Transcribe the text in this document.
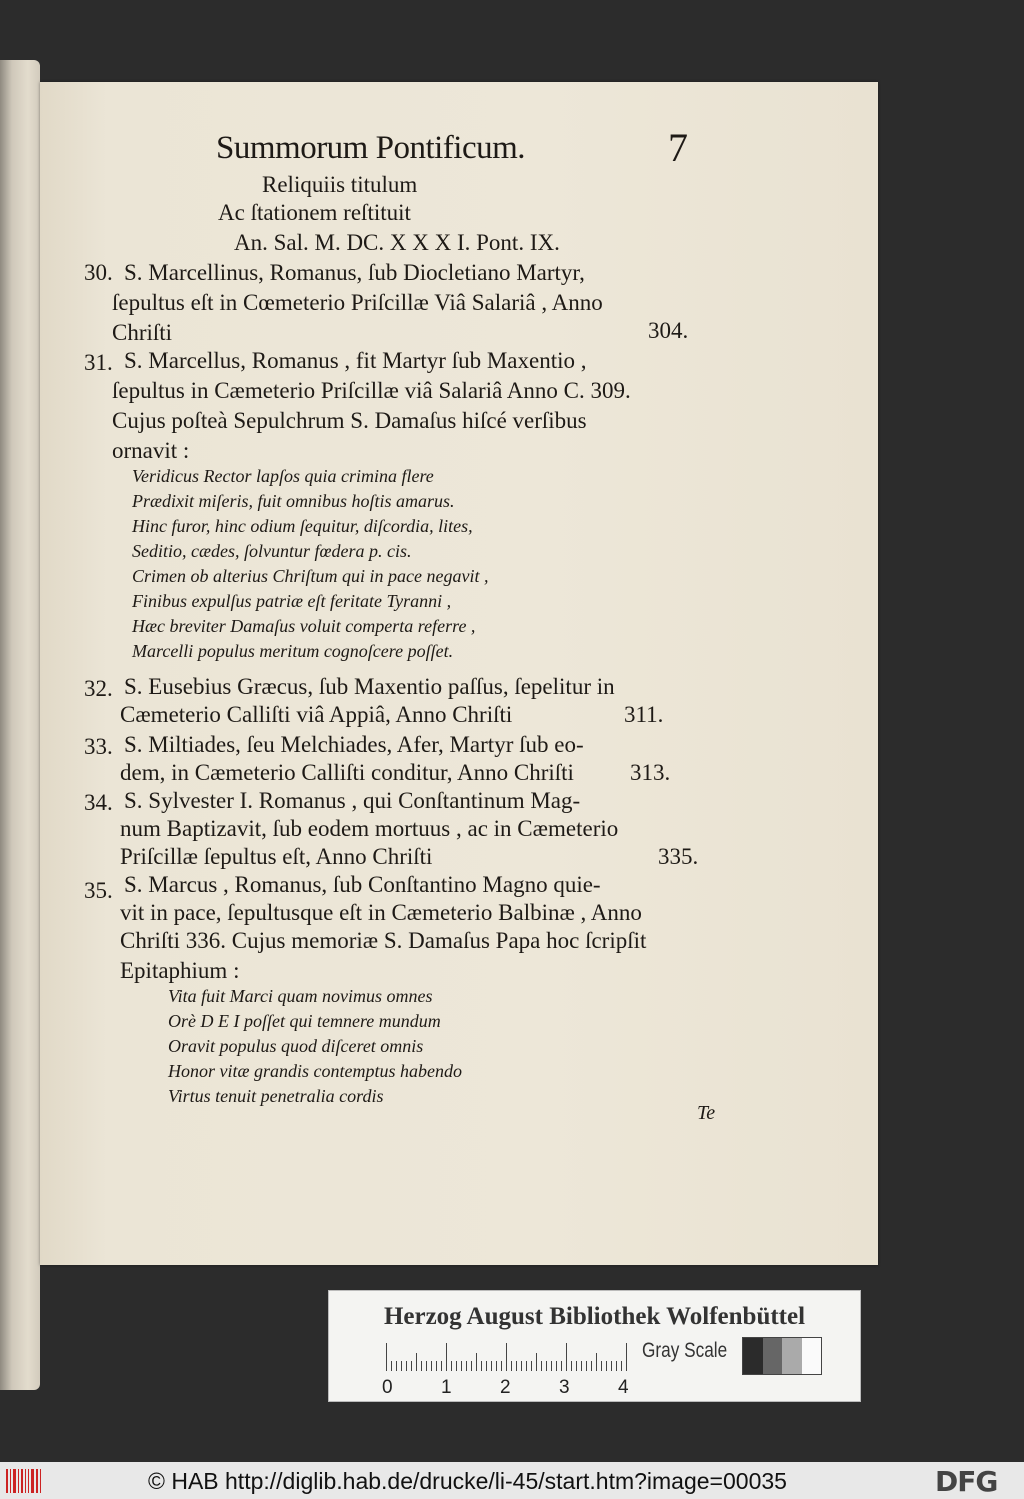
Summorum Pontificum.	7
Reliquiis titulum
Ac ſtationem reſtituit
An. Sal. M. DC. X X X I. Pont. IX.
30. S. Marcellinus, Romanus, ſub Diocletiano Martyr,
ſepultus eſt in Cœmeterio Priſcillæ Viâ Salariâ , Anno
Chriſti	304.
31. S. Marcellus, Romanus , fit Martyr ſub Maxentio ,
ſepultus in Cæmeterio Priſcillæ viâ Salariâ Anno C. 309.
Cujus poſteà Sepulchrum S. Damaſus hiſcé verſibus
ornavit :
Veridicus Rector lapſos quia crimina flere
Prædixit miſeris, fuit omnibus hoſtis amarus.
Hinc furor, hinc odium ſequitur, diſcordia, lites,
Seditio, cædes, ſolvuntur fœdera p. cis.
Crimen ob alterius Chriſtum qui in pace negavit ,
Finibus expulſus patriæ eſt feritate Tyranni ,
Hæc breviter Damaſus voluit comperta referre ,
Marcelli populus meritum cognoſcere poſſet.
32. S. Eusebius Græcus, ſub Maxentio paſſus, ſepelitur in
Cæmeterio Calliſti viâ Appiâ, Anno Chriſti	311.
33. S. Miltiades, ſeu Melchiades, Afer, Martyr ſub eo-
dem, in Cæmeterio Calliſti conditur, Anno Chriſti 313.
34. S. Sylvester I. Romanus , qui Conſtantinum Mag-
num Baptizavit, ſub eodem mortuus , ac in Cæmeterio
Priſcillæ ſepultus eſt, Anno Chriſti	335.
35. S. Marcus , Romanus, ſub Conſtantino Magno quie-
vit in pace, ſepultusque eſt in Cæmeterio Balbinæ , Anno
Chriſti 336. Cujus memoriæ S. Damaſus Papa hoc ſcripſit
Epitaphium :
Vita fuit Marci quam novimus omnes
Orè D E I poſſet qui temnere mundum
Oravit populus quod diſceret omnis
Honor vitæ grandis contemptus habendo
Virtus tenuit penetralia cordis
Te
Herzog August Bibliothek Wolfenbüttel
0	1	2	3	4
Gray Scale
© HAB http://diglib.hab.de/drucke/li-45/start.htm?image=00035	DFG
